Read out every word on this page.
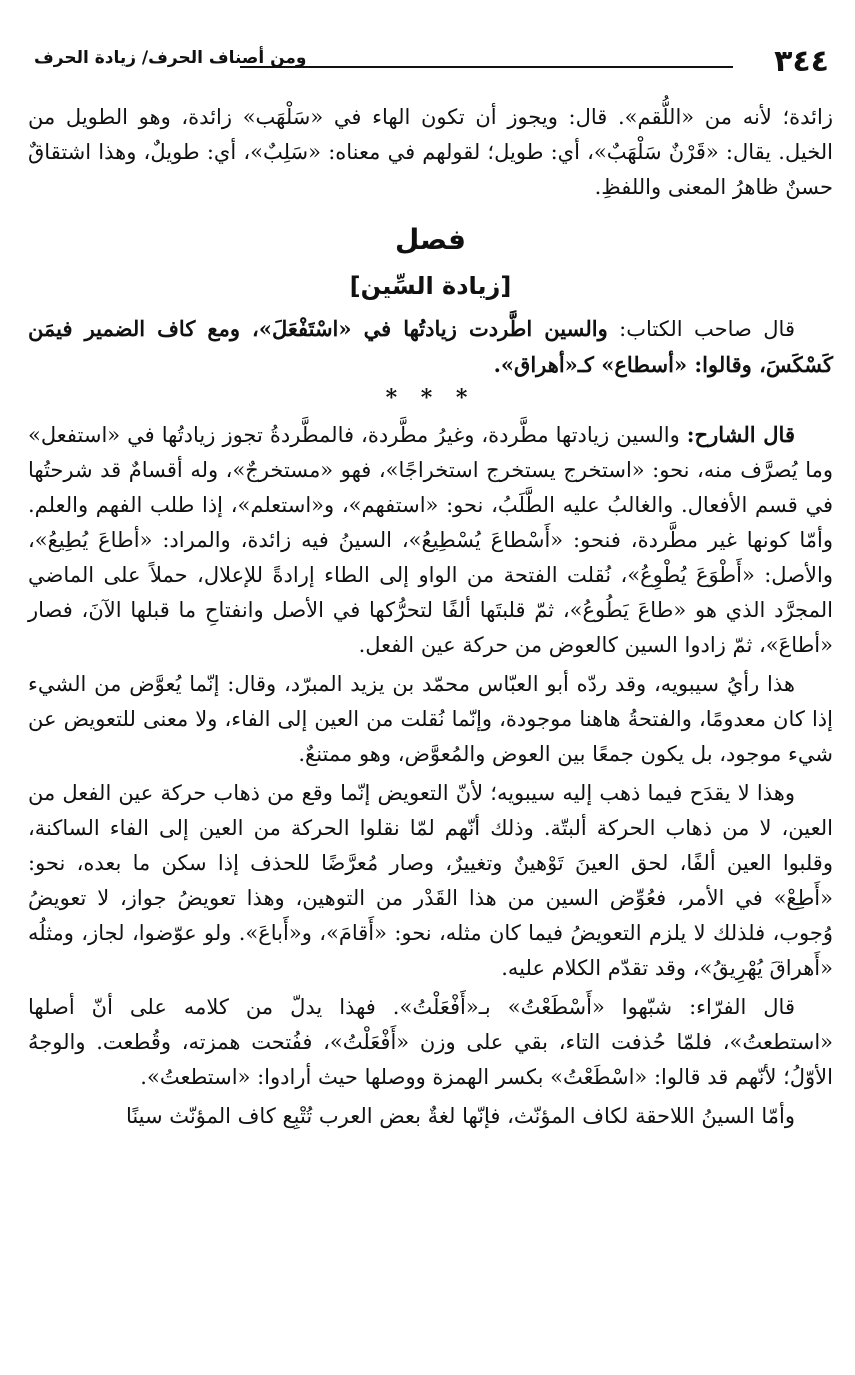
٣٤٤
ومن أصناف الحرف/ زيادة الحرف

زائدة؛ لأنه من «اللُّقم». قال: ويجوز أن تكون الهاء في «سَلْهَب» زائدة، وهو الطويل من الخيل. يقال: «قَرْنٌ سَلْهَبٌ»، أي: طويل؛ لقولهم في معناه: «سَلِبٌ»، أي: طويلٌ، وهذا اشتقاقٌ حسنٌ ظاهرُ المعنى واللفظِ.

فصل

[زيادة السِّين]

قال صاحب الكتاب: والسين اطَّردت زيادتُها في «اسْتَفْعَلَ»، ومع كاف الضمير فيمَن كَسْكَسَ، وقالوا: «أسطاع» كـ«أهراق».

* * *

قال الشارح: والسين زيادتها مطَّردة، وغيرُ مطَّردة، فالمطَّردةُ تجوز زيادتُها في «استفعل» وما يُصرَّف منه، نحو: «استخرج يستخرج استخراجًا»، فهو «مستخرجٌ»، وله أقسامٌ قد شرحتُها في قسم الأفعال. والغالبُ عليه الطَّلَبُ، نحو: «استفهم»، و«استعلم»، إذا طلب الفهم والعلم. وأمّا كونها غير مطَّردة، فنحو: «أَسْطاعَ يُسْطِيعُ»، السينُ فيه زائدة، والمراد: «أطاعَ يُطِيعُ»، والأصل: «أَطْوَعَ يُطْوِعُ»، نُقلت الفتحة من الواو إلى الطاء إرادةً للإعلال، حملاً على الماضي المجرَّد الذي هو «طاعَ يَطُوعُ»، ثمّ قلبتَها ألفًا لتحرُّكها في الأصل وانفتاحِ ما قبلها الآنَ، فصار «أطاعَ»، ثمّ زادوا السين كالعوض من حركة عين الفعل.

هذا رأيُ سيبويه، وقد ردّه أبو العبّاس محمّد بن يزيد المبرّد، وقال: إنّما يُعوَّض من الشيء إذا كان معدومًا، والفتحةُ هاهنا موجودة، وإنّما نُقلت من العين إلى الفاء، ولا معنى للتعويض عن شيء موجود، بل يكون جمعًا بين العوض والمُعوَّض، وهو ممتنعٌ.

وهذا لا يقدَح فيما ذهب إليه سيبويه؛ لأنّ التعويض إنّما وقع من ذهاب حركة عين الفعل من العين، لا من ذهاب الحركة ألبتّة. وذلك أنّهم لمّا نقلوا الحركة من العين إلى الفاء الساكنة، وقلبوا العين ألفًا، لحق العينَ تَوْهينٌ وتغييرٌ، وصار مُعرَّضًا للحذف إذا سكن ما بعده، نحو: «أَطِعْ» في الأمر، فعُوِّض السين من هذا القَدْر من التوهين، وهذا تعويضُ جواز، لا تعويضُ وُجوب، فلذلك لا يلزم التعويضُ فيما كان مثله، نحو: «أَقامَ»، و«أَباعَ». ولو عوّضوا، لجاز، ومثلُه «أَهراقَ يُهْرِيقُ»، وقد تقدّم الكلام عليه.

قال الفرّاء: شبّهوا «أَسْطَعْتُ» بـ«أَفْعَلْتُ». فهذا يدلّ من كلامه على أنّ أصلها «استطعتُ»، فلمّا حُذفت التاء، بقي على وزن «أَفْعَلْتُ»، ففُتحت همزته، وقُطعت. والوجهُ الأوّلُ؛ لأنّهم قد قالوا: «اسْطَعْتُ» بكسر الهمزة ووصلها حيث أرادوا: «استطعتُ».

وأمّا السينُ اللاحقة لكاف المؤنّث، فإنّها لغةٌ بعض العرب تُتْبِع كاف المؤنّث سينًا
